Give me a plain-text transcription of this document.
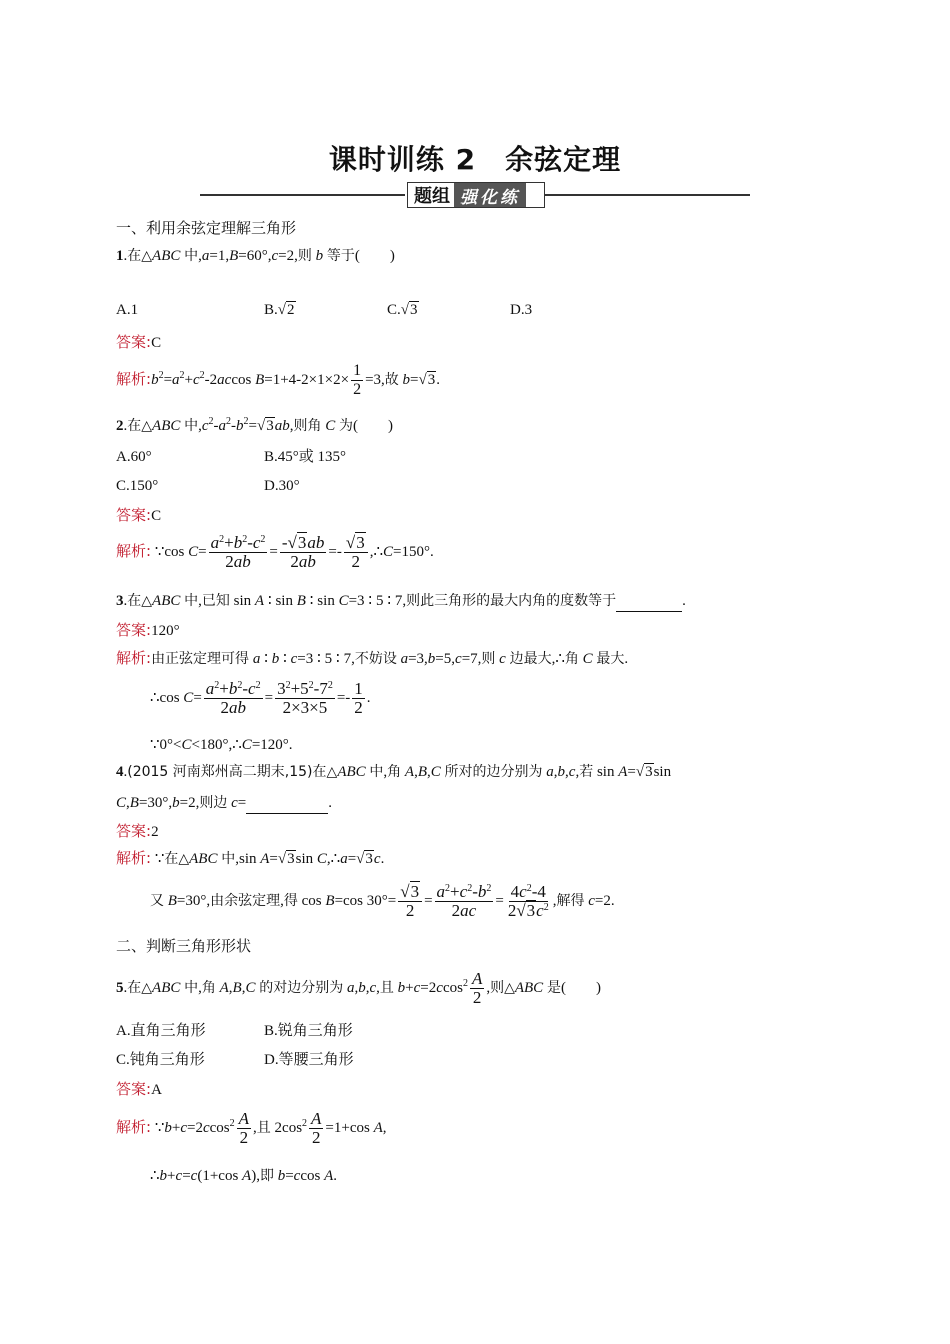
课时训练 2　余弦定理
题组 强化练
一、利用余弦定理解三角形
1.在△ABC 中,a=1,B=60°,c=2,则 b 等于(　　)
A.1	B.√2	C.√3	D.3
答案:C
解析$:b^2=a^2+c^2-2accos$ $B=1+4-2\times 1\times 2\times \frac{1}{2} =3$,故 b=√3.
2.在△ABC 中$,c^2-a^2-b^2=√3ab$,则角 C 为(　　)
A.60°	B.45°或 135°
C.150°	D.30°
答案:C
解析: ∵cos $C= \frac{a^2+b^2-c^2}{2ab} = \frac{-√3ab}{2ab} =- \frac{√3}{2}$ ,∴C=150°.
3.在△ABC 中,已知 sin A ∶ sin B ∶ sin C=3 ∶ 5 ∶ 7,则此三角形的最大内角的度数等于	.
答案:120°
解析:由正弦定理可得 a ∶ b ∶ c=3 ∶ 5 ∶ 7,不妨设 a=3,b=5,c=7,则 c 边最大,∴角 C 最大.
∴cos $C= \frac{a^2+b^2-c^2}{2ab} = \frac{3^2+5^2-7^2}{2\times 3\times 5} =- \frac{1}{2}$ .
∵0°<C<180°,∴C=120°.
4.(2015 河南郑州高二期末,15)在△ABC 中,角 A,B,C 所对的边分别为 a,b,c,若 sin A=√3sin
C,B=30°,b=2,则边 c=	.
答案:2
解析: ∵在△ABC 中,sin A=√3sin C,∴a=√3c.
又 B=30°,由余弦定理,得 cos B=cos $30^\circ= \frac{√3}{2} = \frac{a^2+c^2-b^2}{2ac} = \frac{4c^2-4}{2√3c^2}$ ,解得 c=2.
二、判断三角形形状
5.在△ABC 中,角 A,B,C 的对边分别为 a,b,c,且 $b+c=2ccos^2 \frac{A}{2}$ ,则△ABC 是(　　)
A.直角三角形	B.锐角三角形
C.钝角三角形	D.等腰三角形
答案:A
解析: ∵b+c=2ccos$^2$ $\frac{A}{2}$ ,且 $2\cos^2 \frac{A}{2} =1+\cos$ A,
∴b+c=c(1+cos A),即 b=ccos A.
